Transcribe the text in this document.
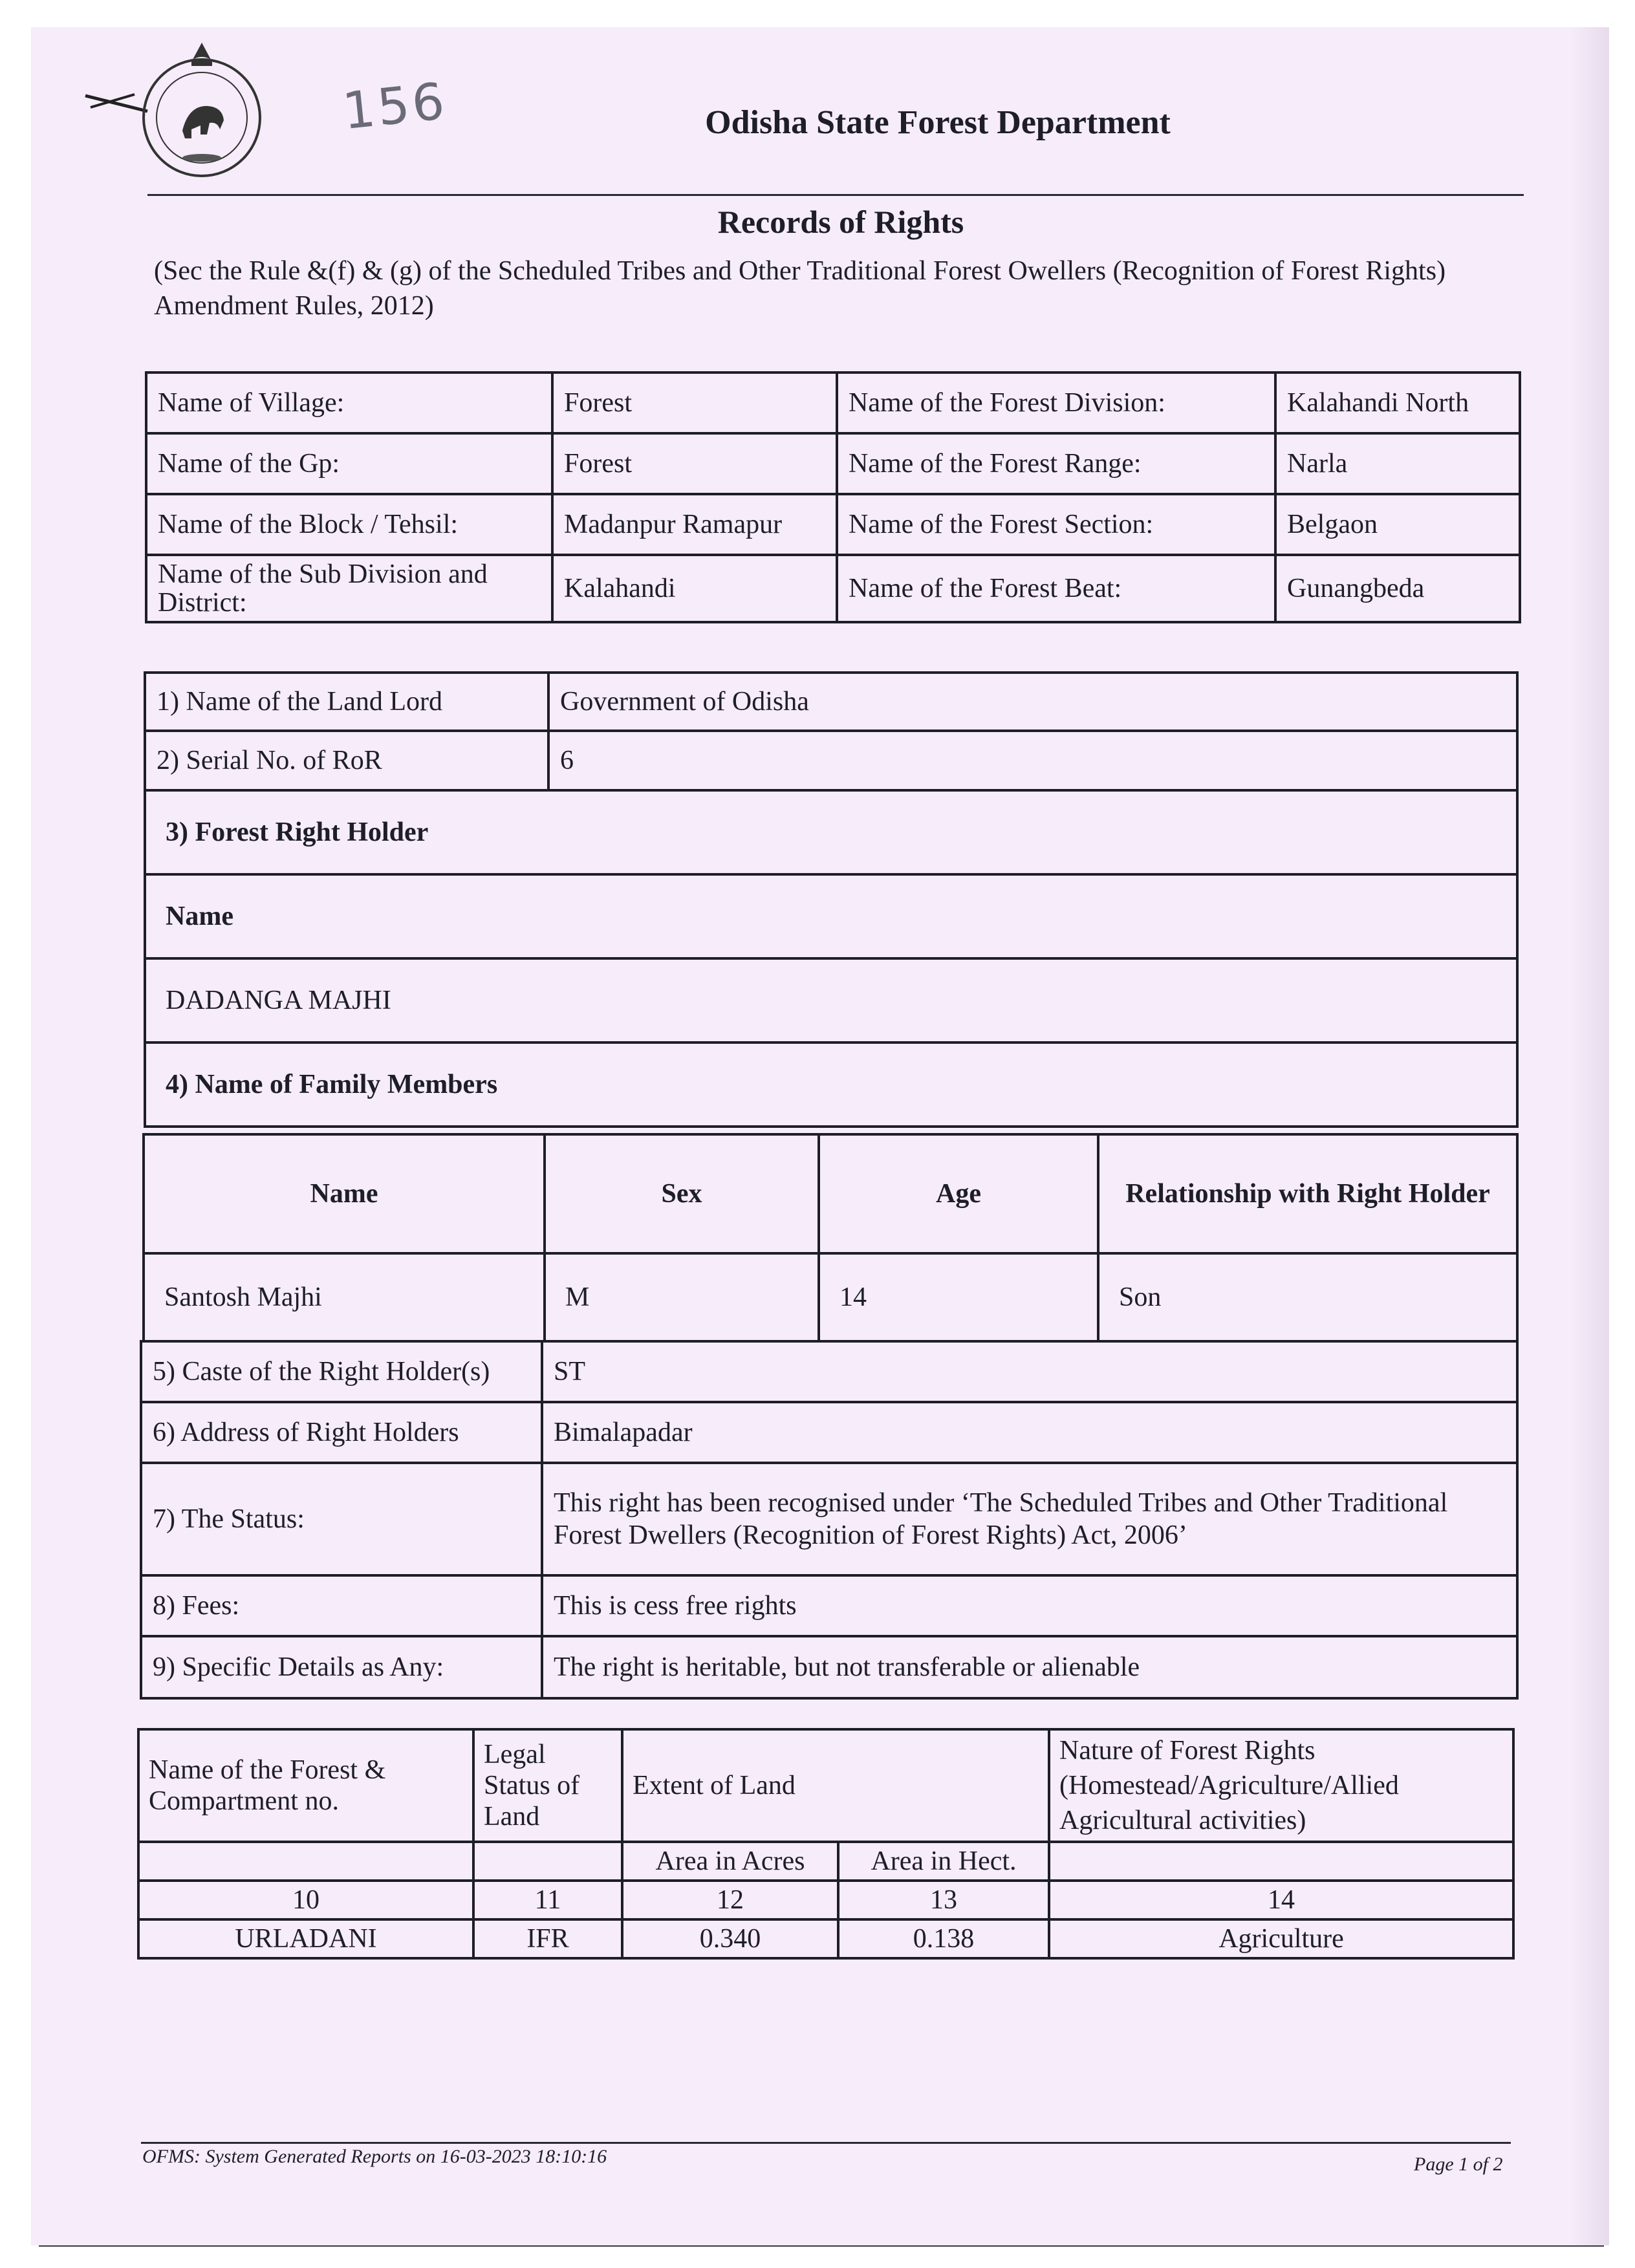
156	Odisha State Forest Department
Records of Rights
(Sec the Rule &(f) & (g) of the Scheduled Tribes and Other Traditional Forest Owellers (Recognition of Forest Rights) Amendment Rules, 2012)
Name of Village:	Forest	Name of the Forest Division:	Kalahandi North
Name of the Gp:	Forest	Name of the Forest Range:	Narla
Name of the Block / Tehsil:	Madanpur Ramapur	Name of the Forest Section:	Belgaon
Name of the Sub Division and District:	Kalahandi	Name of the Forest Beat:	Gunangbeda
1) Name of the Land Lord	Government of Odisha
2) Serial No. of RoR	6
3) Forest Right Holder	
Name	
DADANGA MAJHI	
4) Name of Family Members	
Name	Sex	Age	Relationship with Right Holder
Santosh Majhi	M	14	Son
5) Caste of the Right Holder(s)	ST
6) Address of Right Holders	Bimalapadar
7) The Status:	This right has been recognised under ‘The Scheduled Tribes and Other Traditional Forest Dwellers (Recognition of Forest Rights) Act, 2006’
8) Fees:	This is cess free rights
9) Specific Details as Any:	The right is heritable, but not transferable or alienable
Name of the Forest & Compartment no.	Legal Status of Land	Extent of Land		Nature of Forest Rights (Homestead/Agriculture/Allied Agricultural activities)
		Area in Acres	Area in Hect.	
10	11	12	13	14
URLADANI	IFR	0.340	0.138	Agriculture
OFMS: System Generated Reports on 16-03-2023 18:10:16	Page 1 of 2
